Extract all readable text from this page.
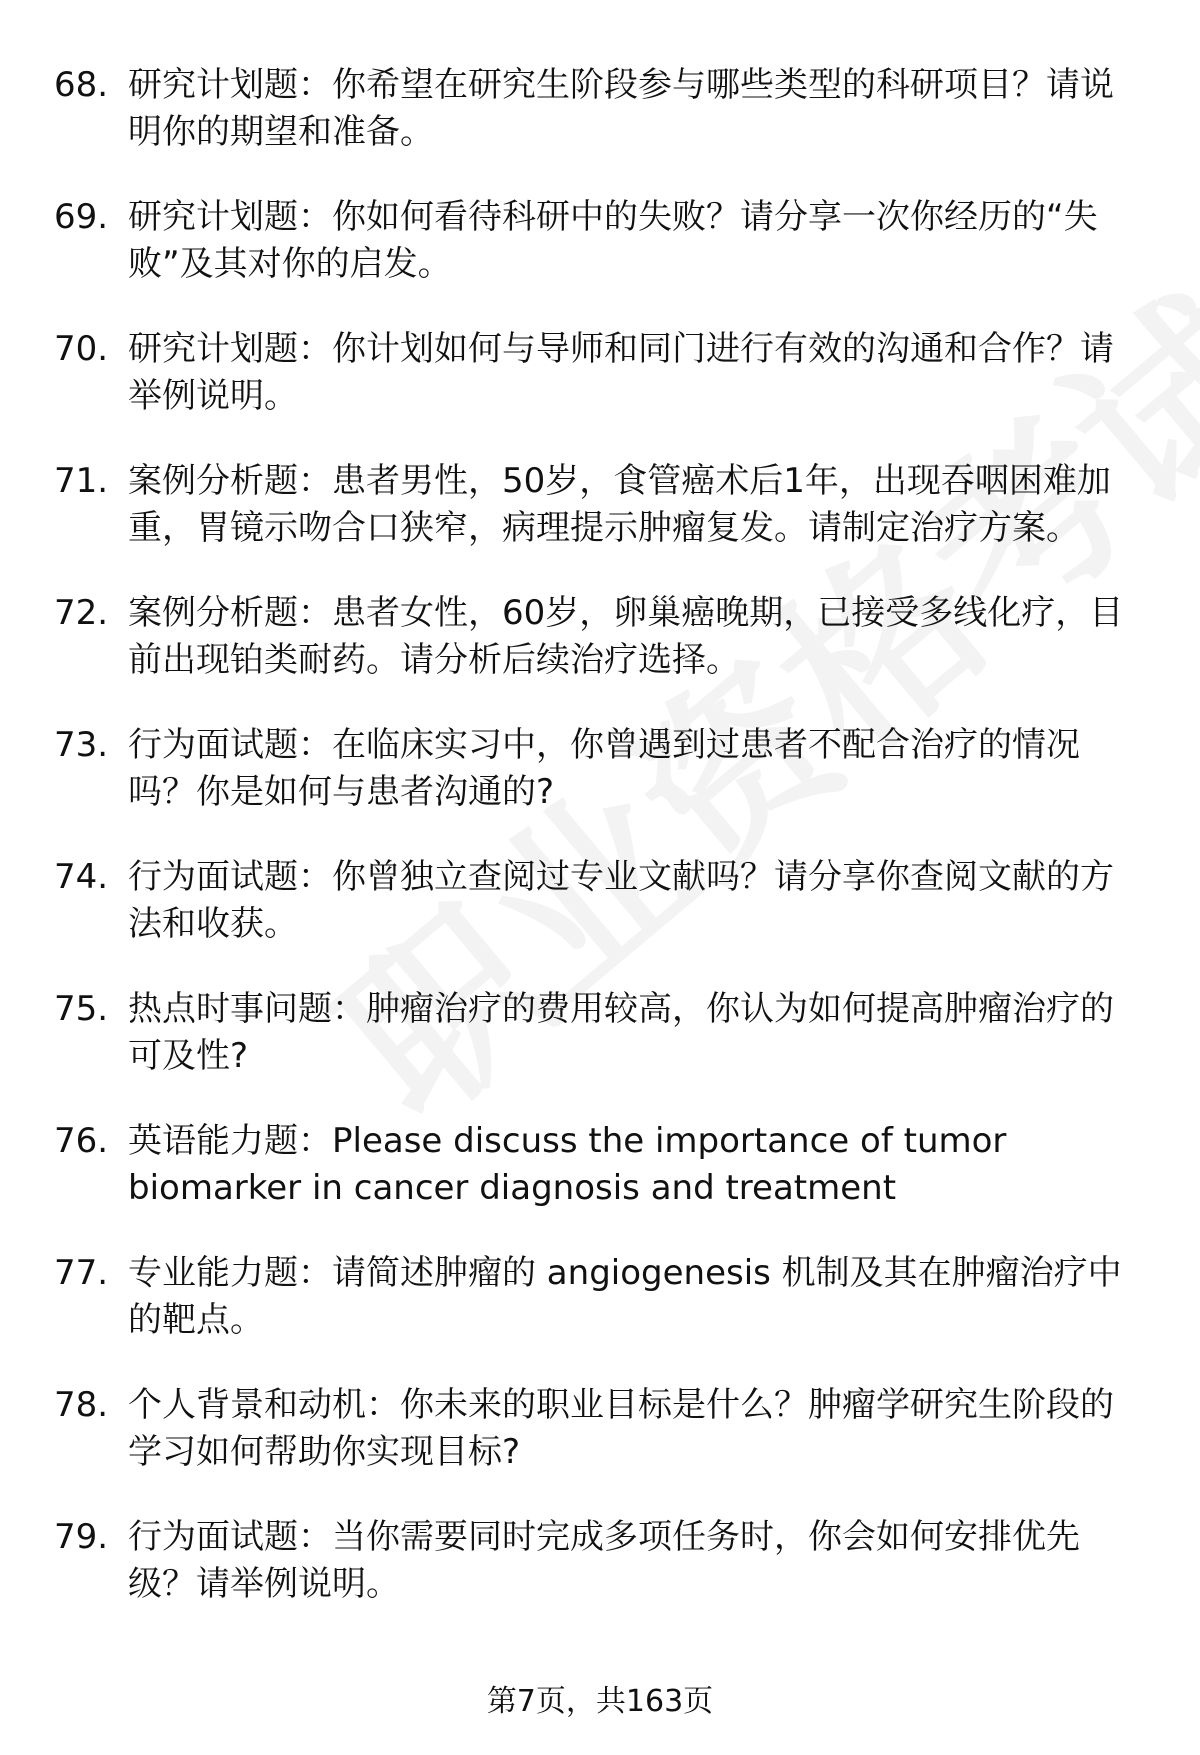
68. 研究计划题：你希望在研究生阶段参与哪些类型的科研项目？请说明你的期望和准备。
69. 研究计划题：你如何看待科研中的失败？请分享一次你经历的“失败”及其对你的启发。
70. 研究计划题：你计划如何与导师和同门进行有效的沟通和合作？请举例说明。
71. 案例分析题：患者男性，50岁，食管癌术后1年，出现吞咽困难加重，胃镜示吻合口狭窄，病理提示肿瘤复发。请制定治疗方案。
72. 案例分析题：患者女性，60岁，卵巢癌晚期，已接受多线化疗，目前出现铂类耐药。请分析后续治疗选择。
73. 行为面试题：在临床实习中，你曾遇到过患者不配合治疗的情况吗？你是如何与患者沟通的?
74. 行为面试题：你曾独立查阅过专业文献吗？请分享你查阅文献的方法和收获。
75. 热点时事问题：肿瘤治疗的费用较高，你认为如何提高肿瘤治疗的可及性?
76. 英语能力题：Please discuss the importance of tumor biomarker in cancer diagnosis and treatment
77. 专业能力题：请简述肿瘤的 angiogenesis 机制及其在肿瘤治疗中的靶点。
78. 个人背景和动机：你未来的职业目标是什么？肿瘤学研究生阶段的学习如何帮助你实现目标?
79. 行为面试题：当你需要同时完成多项任务时，你会如何安排优先级？请举例说明。
第7页，共163页
